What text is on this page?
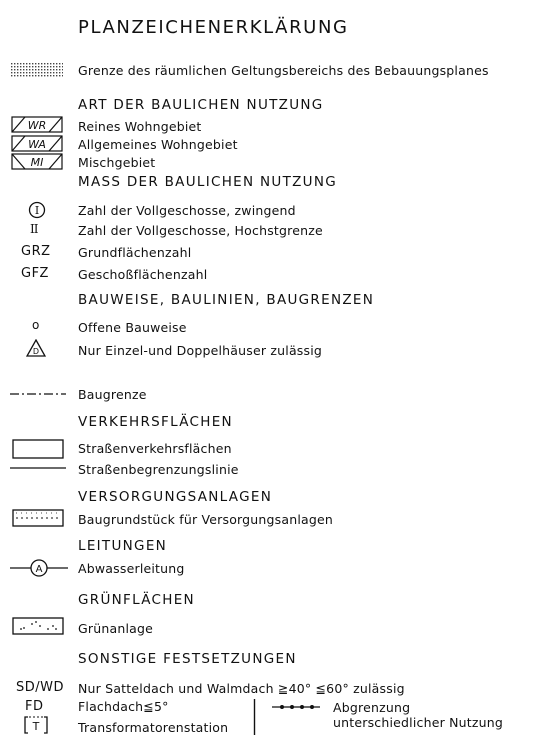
PLANZEICHENERKLÄRUNG
Grenze des räumlichen Geltungsbereichs des Bebauungsplanes
ART DER BAULICHEN NUTZUNG
WR	Reines Wohngebiet
WA	Allgemeines Wohngebiet
MI	Mischgebiet
MASS DER BAULICHEN NUTZUNG
I	Zahl der Vollgeschosse, zwingend
II	Zahl der Vollgeschosse, Hochstgrenze
GRZ Grundflächenzahl
GFZ Geschoßflächenzahl
BAUWEISE, BAULINIEN, BAUGRENZEN
o	Offene Bauweise
D	Nur Einzel-und Doppelhäuser zulässig
Baugrenze
VERKEHRSFLÄCHEN
Straßenverkehrsflächen
Straßenbegrenzungslinie
VERSORGUNGSANLAGEN
Baugrundstück für Versorgungsanlagen
LEITUNGEN
A	Abwasserleitung
GRÜNFLÄCHEN
Grünanlage
SONSTIGE FESTSETZUNGEN
SD/WD Nur Satteldach und Walmdach ≧40° ≦60° zulässig
FD	Flachdach≦5°
T	Transformatorenstation
Abgrenzung
unterschiedlicher Nutzung
